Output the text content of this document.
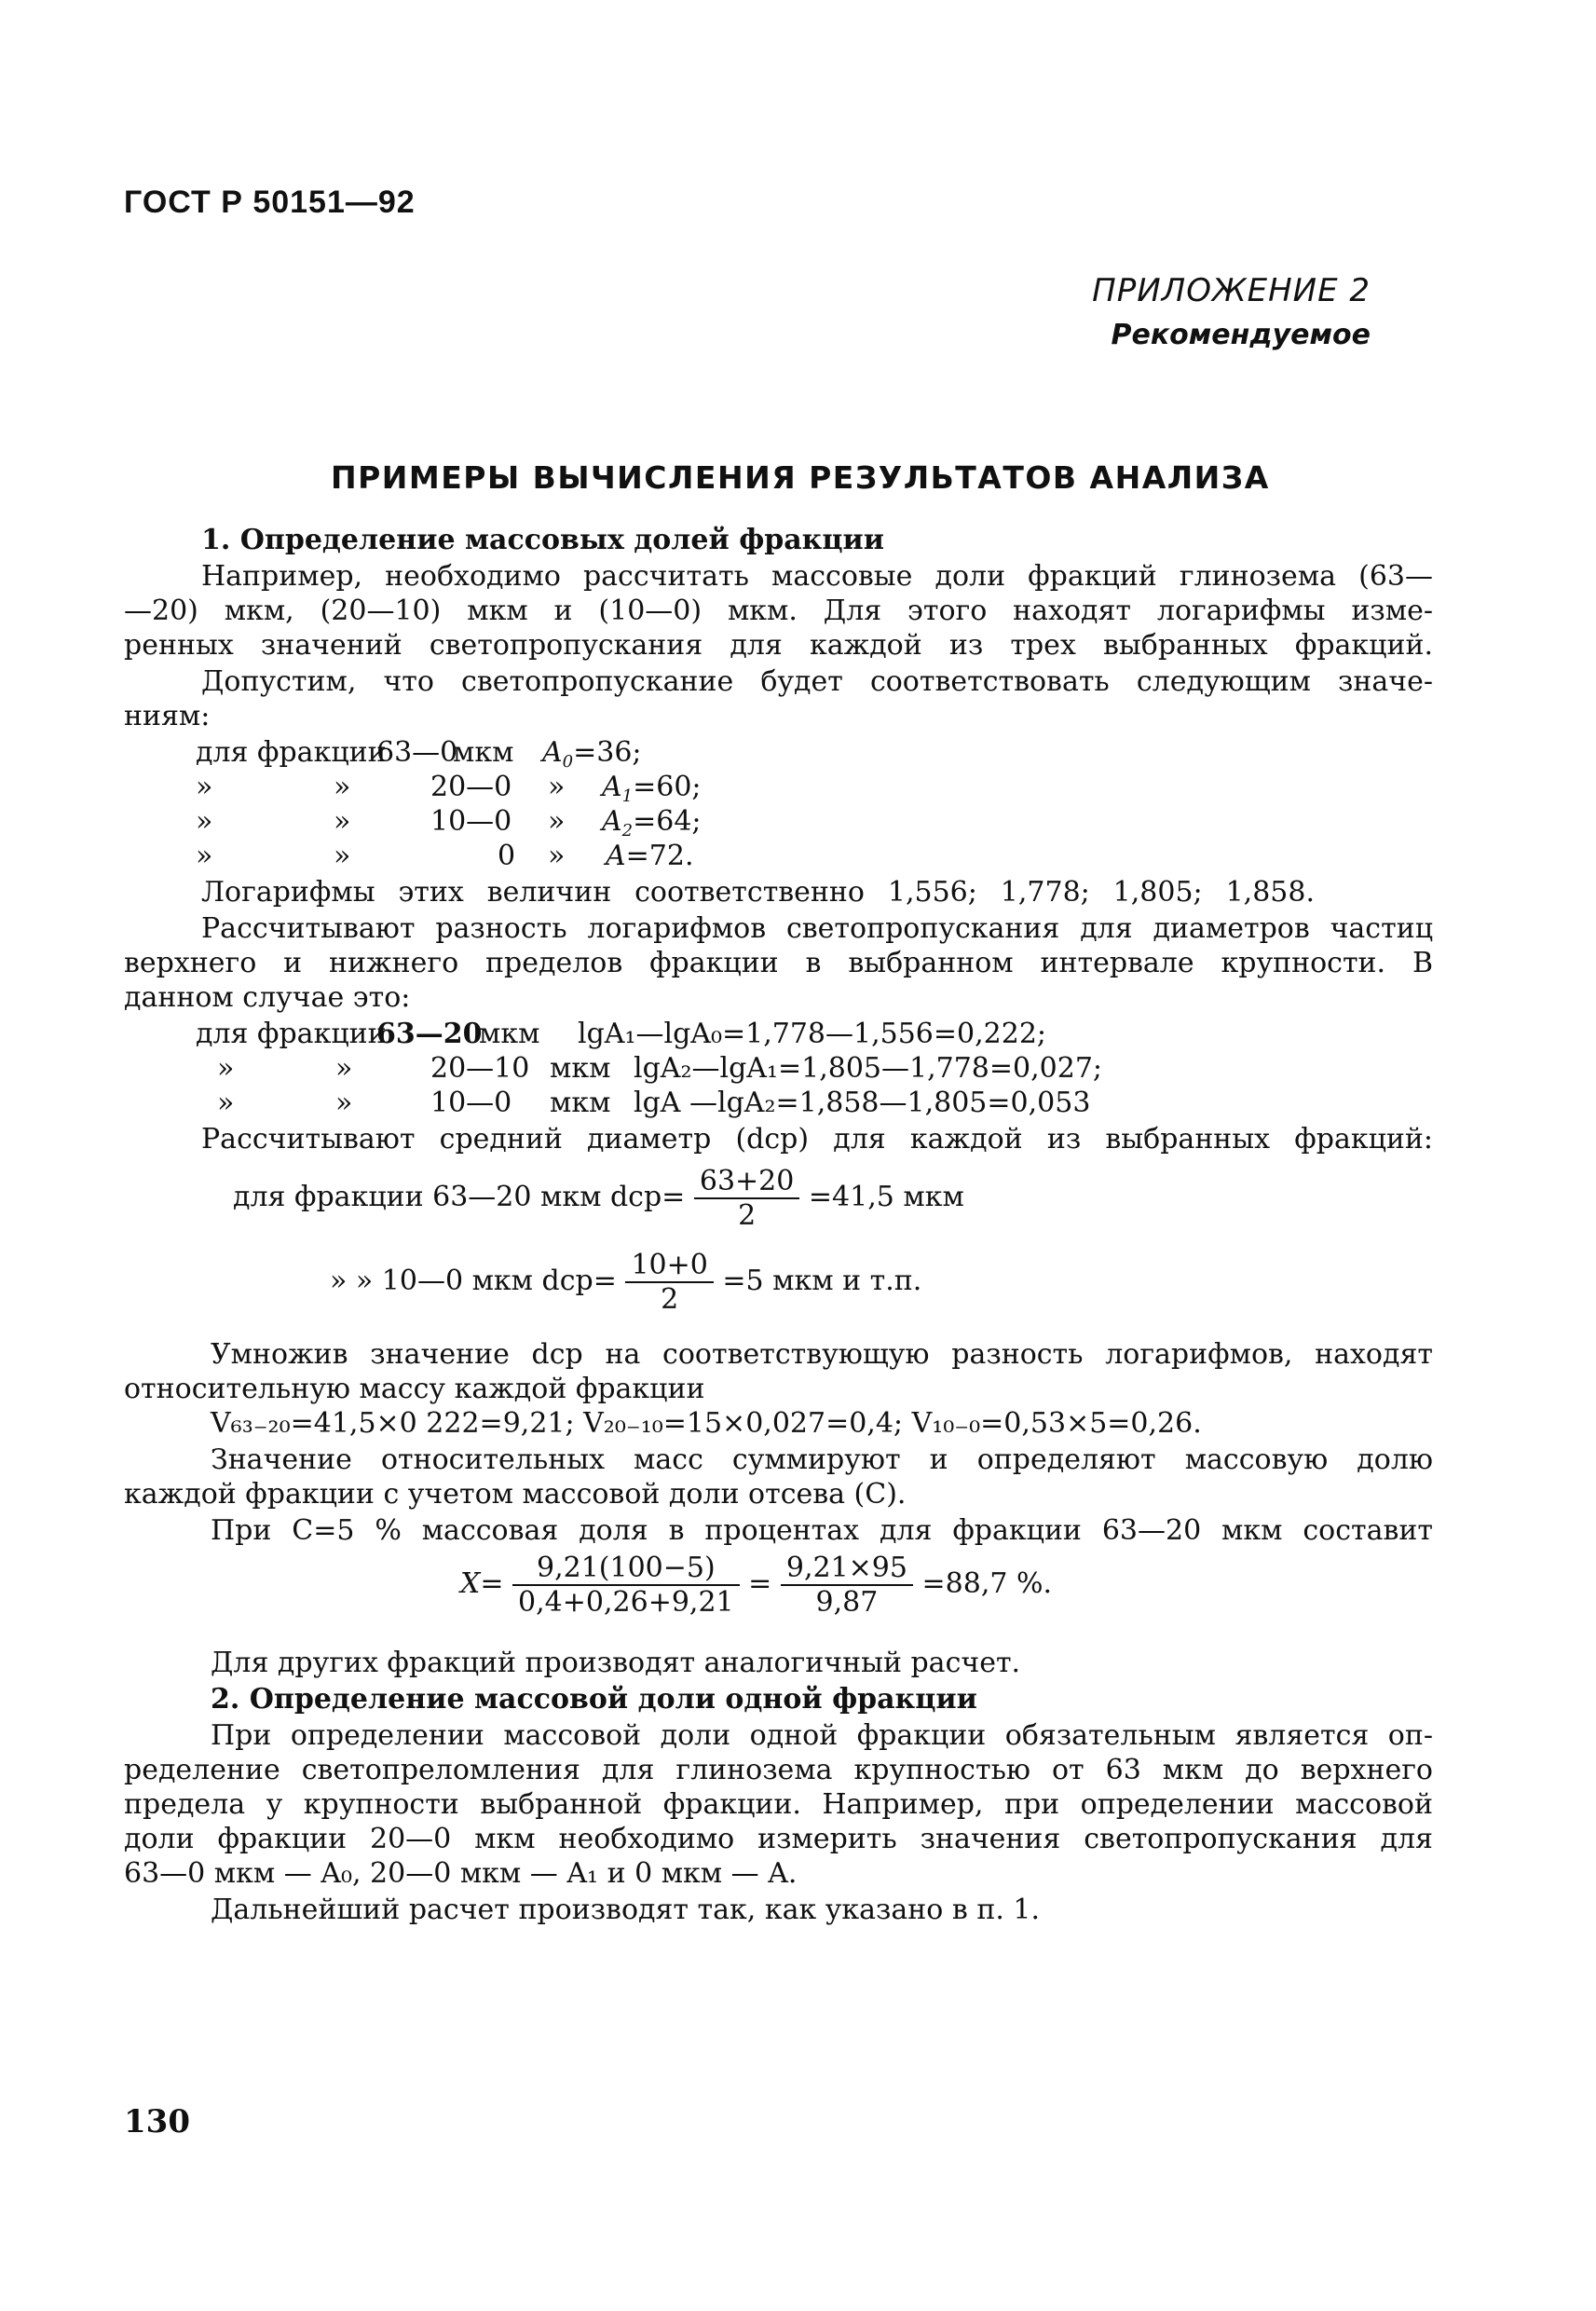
ГОСТ Р 50151—92
ПРИЛОЖЕНИЕ 2
Рекомендуемое
ПРИМЕРЫ ВЫЧИСЛЕНИЯ РЕЗУЛЬТАТОВ АНАЛИЗА
1. Определение массовых долей фракции
Например, необходимо рассчитать массовые доли фракций глинозема (63—
—20) мкм, (20—10) мкм и (10—0) мкм. Для этого находят логарифмы изме-
ренных значений светопропускания для каждой из трех выбранных фракций.
Допустим, что светопропускание будет соответствовать следующим значе-
ниям:
для фракции
»
»
»
»
»
»
63—0
20—0
10—0
0
мкм
»
»
»
$A_0=36$;
$A_1=60$;
$A_2=64$;
A=72.
Логарифмы этих величин соответственно 1,556; 1,778; 1,805; 1,858.
Рассчитывают разность логарифмов светопропускания для диаметров частиц
верхнего и нижнего пределов фракции в выбранном интервале крупности. В
данном случае это:
для фракции
»
»
»
»
63—20
20—10
10—0
мкм
мкм
мкм
lgA₁—lgA₀=1,778—1,556=0,222;
lgA₂—lgA₁=1,805—1,778=0,027;
lgA —lgA₂=1,858—1,805=0,053
Рассчитывают средний диаметр (dср) для каждой из выбранных фракций:
для фракции 63—20 мкм $dср= \frac{63+20}{2} =41,5$ мкм
» » 10—0 мкм $dср= \frac{10+0}{2} =5$ мкм и т.п.
Умножив значение dср на соответствующую разность логарифмов, находят
относительную массу каждой фракции
V₆₃₋₂₀=41,5×0 222=9,21; V₂₀₋₁₀=15×0,027=0,4; V₁₀₋₀=0,53×5=0,26.
Значение относительных масс суммируют и определяют массовую долю
каждой фракции с учетом массовой доли отсева (C).
При C=5 % массовая доля в процентах для фракции 63—20 мкм составит
$X= \frac{9,21(100-5)}{0,4+0,26+9,21} = \frac{9,21\times 95}{9,87} =88,7$ %.
Для других фракций производят аналогичный расчет.
2. Определение массовой доли одной фракции
При определении массовой доли одной фракции обязательным является оп-
ределение светопреломления для глинозема крупностью от 63 мкм до верхнего
предела у крупности выбранной фракции. Например, при определении массовой
доли фракции 20—0 мкм необходимо измерить значения светопропускания для
63—0 мкм — A₀, 20—0 мкм — A₁ и 0 мкм — A.
Дальнейший расчет производят так, как указано в п. 1.
130
